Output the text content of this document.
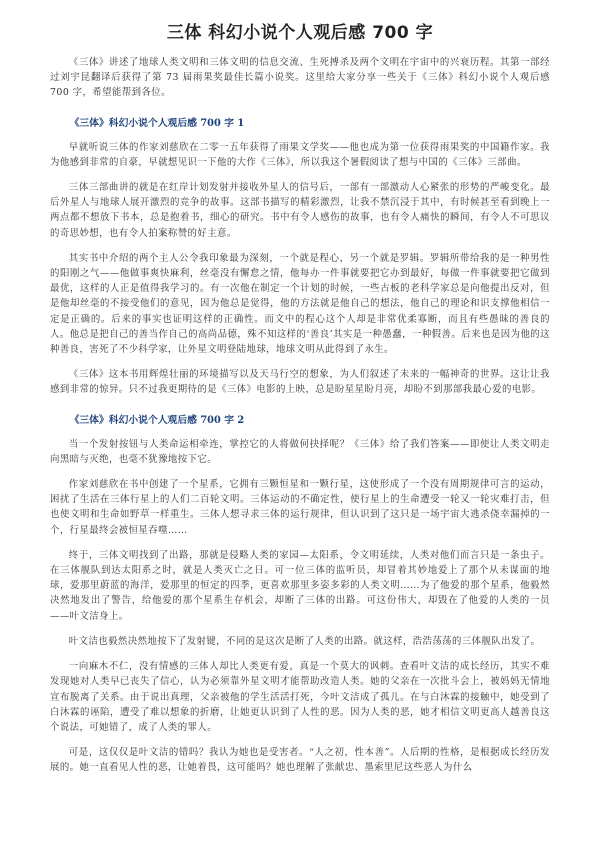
三体 科幻小说个人观后感 700 字

《三体》讲述了地球人类文明和三体文明的信息交流、生死搏杀及两个文明在宇宙中的兴衰历程。其第一部经过刘宇昆翻译后获得了第 73 届雨果奖最佳长篇小说奖。这里给大家分享一些关于《三体》科幻小说个人观后感 700 字，希望能帮到各位。

《三体》科幻小说个人观后感 700 字 1

早就听说三体的作家刘慈欣在二零一五年获得了雨果文学奖——他也成为第一位获得雨果奖的中国籍作家。我为他感到非常的自豪，早就想见识一下他的大作《三体》，所以我这个暑假阅读了想与中国的《三体》三部曲。

三体三部曲讲的就是在红岸计划发射并接收外星人的信号后，一部有一部激动人心紧张的形势的严峻变化。最后外星人与地球人展开激烈的竞争的故事。这部书描写的精彩激烈，让我不禁沉浸于其中，有时候甚至看到晚上一两点都不想放下书本，总是抱着书，细心的研究。书中有令人感伤的故事，也有令人痛快的瞬间，有令人不可思议的奇思妙想，也有令人拍案称赞的好主意。

其实书中介绍的两个主人公令我印象最为深刻，一个就是程心，另一个就是罗辑。罗辑所带给我的是一种男性的阳刚之气——他做事爽快麻利，丝毫没有懈怠之情，他每办一件事就要把它办到最好，每做一件事就要把它做到最优，这样的人正是值得我学习的。有一次他在制定一个计划的时候，一些古板的老科学家总是向他提出反对，但是他却丝毫的不接受他们的意见，因为他总是觉得，他的方法就是他自己的想法，他自己的理论和识支撑他相信一定是正确的。后来的事实也证明这样的正确性。而文中的程心这个人却是非常优柔寡断，而且有些愚昧的善良的人。他总是把自己的善当作自己的高尚品德，殊不知这样的‘善良’其实是一种愚蠢，一种假善。后来也是因为他的这种善良，害死了不少科学家，让外星文明登陆地球，地球文明从此得到了永生。

《三体》这本书用辉煌壮丽的环境描写以及天马行空的想象，为人们叙述了未来的一幅神奇的世界。这让让我感到非常的惊异。只不过我更期待的是《三体》电影的上映，总是盼星星盼月亮，却盼不到那部我最心爱的电影。

《三体》科幻小说个人观后感 700 字 2

当一个发射按钮与人类命运相牵连，掌控它的人将做何抉择呢？《三体》给了我们答案——即使让人类文明走向黑暗与灭绝，也毫不犹豫地按下它。

作家刘慈欣在书中创建了一个星系，它拥有三颗恒星和一颗行星，这使形成了一个没有周期规律可言的运动，困扰了生活在三体行星上的人们二百轮文明。三体运动的不确定性，使行星上的生命遭受一轮又一轮灾难打击，但也使文明和生命如野草一样重生。三体人想寻求三体的运行规律，但认识到了这只是一场宇宙大逃杀侥幸漏掉的一个，行星最终会被恒星吞噬……

终于，三体文明找到了出路，那就是侵略人类的家园—太阳系，令文明延续，人类对他们而言只是一条虫子。在三体舰队到达太阳系之时，就是人类灭亡之日。可一位三体的监听员，却冒着其妙地爱上了那个从未谋面的地球，爱那里蔚蓝的海洋，爱那里的恒定的四季，更喜欢那里多姿多彩的人类文明……为了他爱的那个星系，他毅然决然地发出了警告，给他爱的那个星系生存机会，却断了三体的出路。可这份伟大，却毁在了他爱的人类的一员——叶文洁身上。

叶文洁也毅然决然地按下了发射键，不同的是这次是断了人类的出路。就这样，浩浩荡荡的三体舰队出发了。

一向麻木不仁，没有情感的三体人却比人类更有爱，真是一个莫大的讽刺。查看叶文洁的成长经历，其实不难发现她对人类早已丧失了信心，认为必须靠外星文明才能帮助改造人类。她的父亲在一次批斗会上，被妈妈无情地宣布脱离了关系。由于说出真理，父亲被他的学生活活打死，今叶文洁成了孤儿。在与白沐霖的接触中，她受到了白沐霖的诬陷，遭受了难以想象的折磨，让她更认识到了人性的恶。因为人类的恶，她才相信文明更高人越善良这个说法，可她错了，成了人类的罪人。

可是，这仅仅是叶文洁的错吗？我认为她也是受害者。“人之初，性本善”。人后期的性格，是根据成长经历发展的。她一直看见人性的恶，让她着畏，这可能吗？她也理解了张献忠、墨索里尼这些恶人为什么
